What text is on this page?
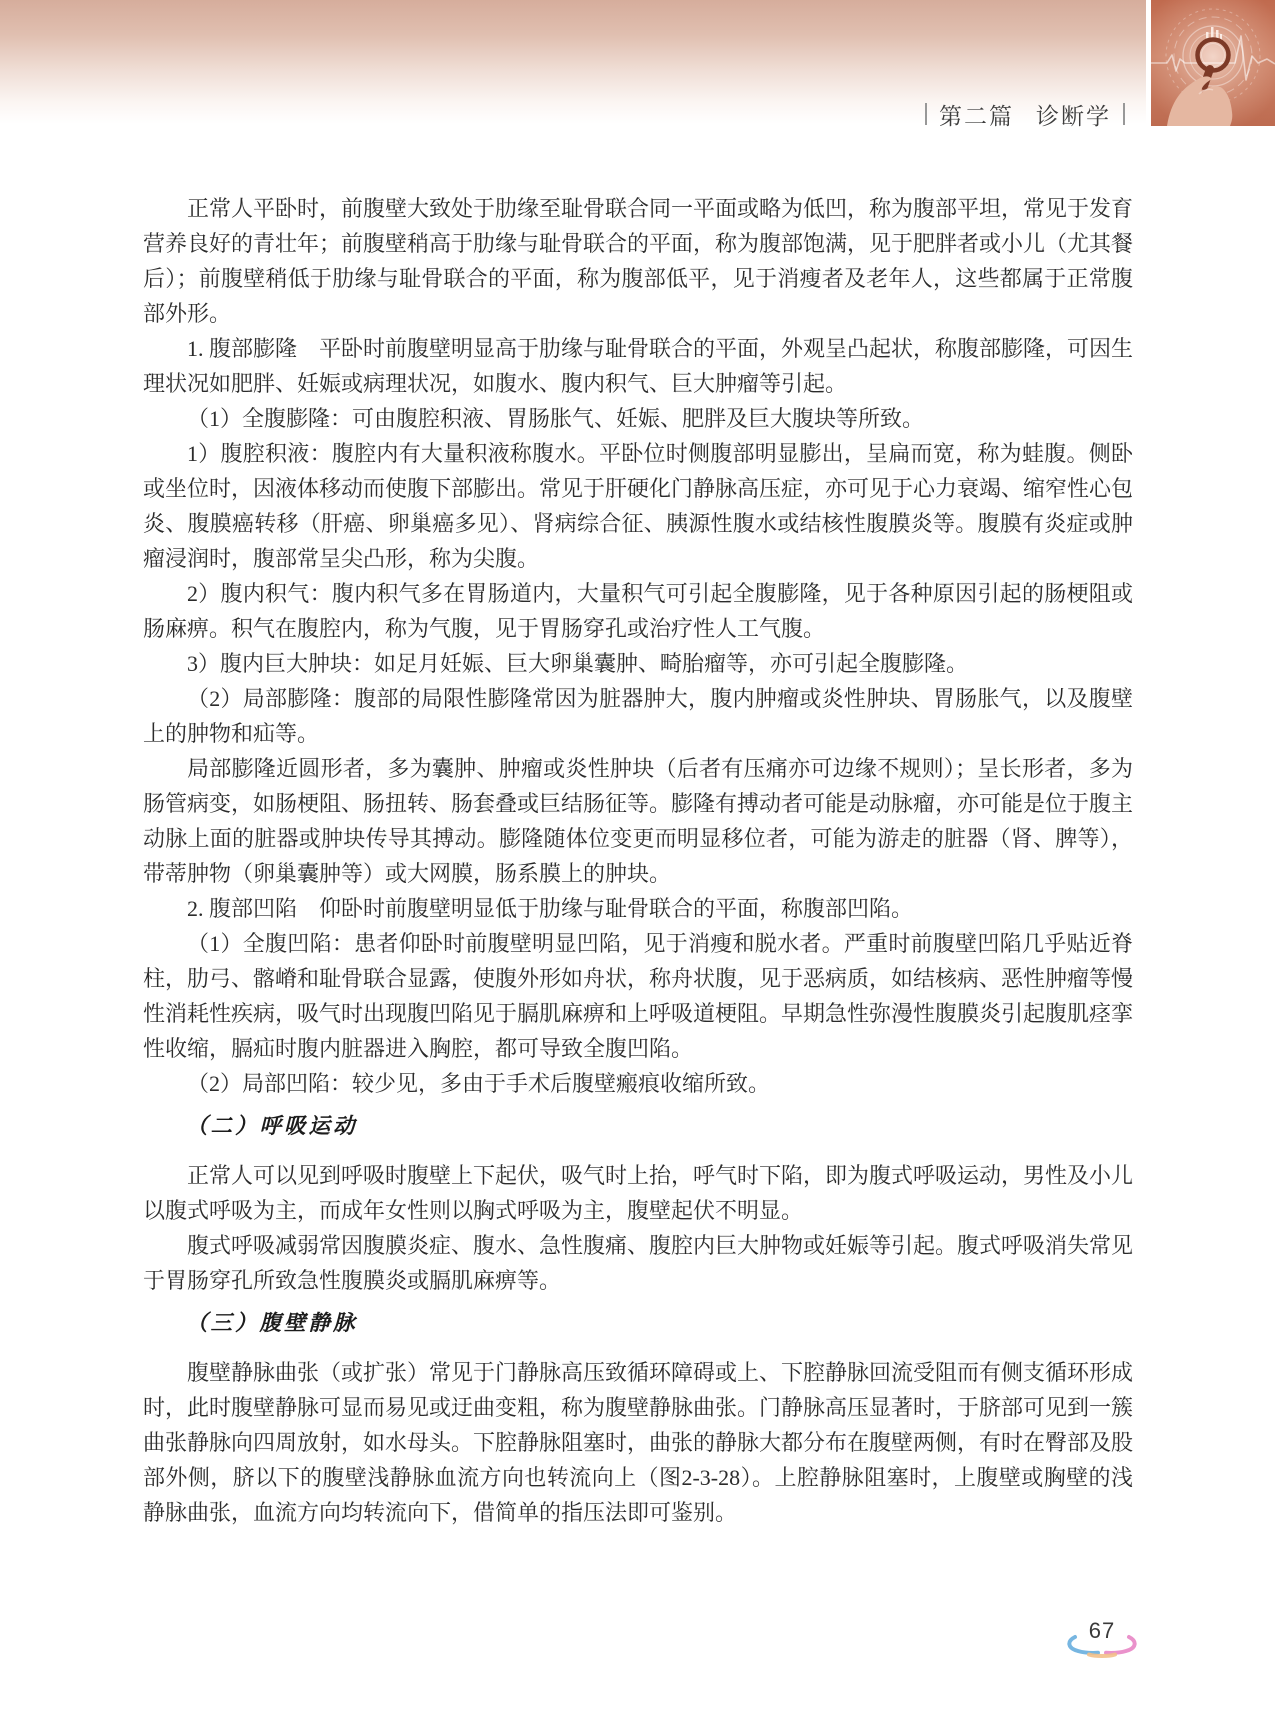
第二篇 诊断学

正常人平卧时，前腹壁大致处于肋缘至耻骨联合同一平面或略为低凹，称为腹部平坦，常见于发育营养良好的青壮年；前腹壁稍高于肋缘与耻骨联合的平面，称为腹部饱满，见于肥胖者或小儿（尤其餐后）；前腹壁稍低于肋缘与耻骨联合的平面，称为腹部低平，见于消瘦者及老年人，这些都属于正常腹部外形。

1. 腹部膨隆　平卧时前腹壁明显高于肋缘与耻骨联合的平面，外观呈凸起状，称腹部膨隆，可因生理状况如肥胖、妊娠或病理状况，如腹水、腹内积气、巨大肿瘤等引起。

（1）全腹膨隆：可由腹腔积液、胃肠胀气、妊娠、肥胖及巨大腹块等所致。

1）腹腔积液：腹腔内有大量积液称腹水。平卧位时侧腹部明显膨出，呈扁而宽，称为蛙腹。侧卧或坐位时，因液体移动而使腹下部膨出。常见于肝硬化门静脉高压症，亦可见于心力衰竭、缩窄性心包炎、腹膜癌转移（肝癌、卵巢癌多见）、肾病综合征、胰源性腹水或结核性腹膜炎等。腹膜有炎症或肿瘤浸润时，腹部常呈尖凸形，称为尖腹。

2）腹内积气：腹内积气多在胃肠道内，大量积气可引起全腹膨隆，见于各种原因引起的肠梗阻或肠麻痹。积气在腹腔内，称为气腹，见于胃肠穿孔或治疗性人工气腹。

3）腹内巨大肿块：如足月妊娠、巨大卵巢囊肿、畸胎瘤等，亦可引起全腹膨隆。

（2）局部膨隆：腹部的局限性膨隆常因为脏器肿大，腹内肿瘤或炎性肿块、胃肠胀气，以及腹壁上的肿物和疝等。

局部膨隆近圆形者，多为囊肿、肿瘤或炎性肿块（后者有压痛亦可边缘不规则）；呈长形者，多为肠管病变，如肠梗阻、肠扭转、肠套叠或巨结肠征等。膨隆有搏动者可能是动脉瘤，亦可能是位于腹主动脉上面的脏器或肿块传导其搏动。膨隆随体位变更而明显移位者，可能为游走的脏器（肾、脾等），带蒂肿物（卵巢囊肿等）或大网膜，肠系膜上的肿块。

2. 腹部凹陷　仰卧时前腹壁明显低于肋缘与耻骨联合的平面，称腹部凹陷。

（1）全腹凹陷：患者仰卧时前腹壁明显凹陷，见于消瘦和脱水者。严重时前腹壁凹陷几乎贴近脊柱，肋弓、髂嵴和耻骨联合显露，使腹外形如舟状，称舟状腹，见于恶病质，如结核病、恶性肿瘤等慢性消耗性疾病，吸气时出现腹凹陷见于膈肌麻痹和上呼吸道梗阻。早期急性弥漫性腹膜炎引起腹肌痉挛性收缩，膈疝时腹内脏器进入胸腔，都可导致全腹凹陷。

（2）局部凹陷：较少见，多由于手术后腹壁瘢痕收缩所致。

（二）呼吸运动

正常人可以见到呼吸时腹壁上下起伏，吸气时上抬，呼气时下陷，即为腹式呼吸运动，男性及小儿以腹式呼吸为主，而成年女性则以胸式呼吸为主，腹壁起伏不明显。

腹式呼吸减弱常因腹膜炎症、腹水、急性腹痛、腹腔内巨大肿物或妊娠等引起。腹式呼吸消失常见于胃肠穿孔所致急性腹膜炎或膈肌麻痹等。

（三）腹壁静脉

腹壁静脉曲张（或扩张）常见于门静脉高压致循环障碍或上、下腔静脉回流受阻而有侧支循环形成时，此时腹壁静脉可显而易见或迂曲变粗，称为腹壁静脉曲张。门静脉高压显著时，于脐部可见到一簇曲张静脉向四周放射，如水母头。下腔静脉阻塞时，曲张的静脉大都分布在腹壁两侧，有时在臀部及股部外侧，脐以下的腹壁浅静脉血流方向也转流向上（图2-3-28）。上腔静脉阻塞时，上腹壁或胸壁的浅静脉曲张，血流方向均转流向下，借简单的指压法即可鉴别。

67
